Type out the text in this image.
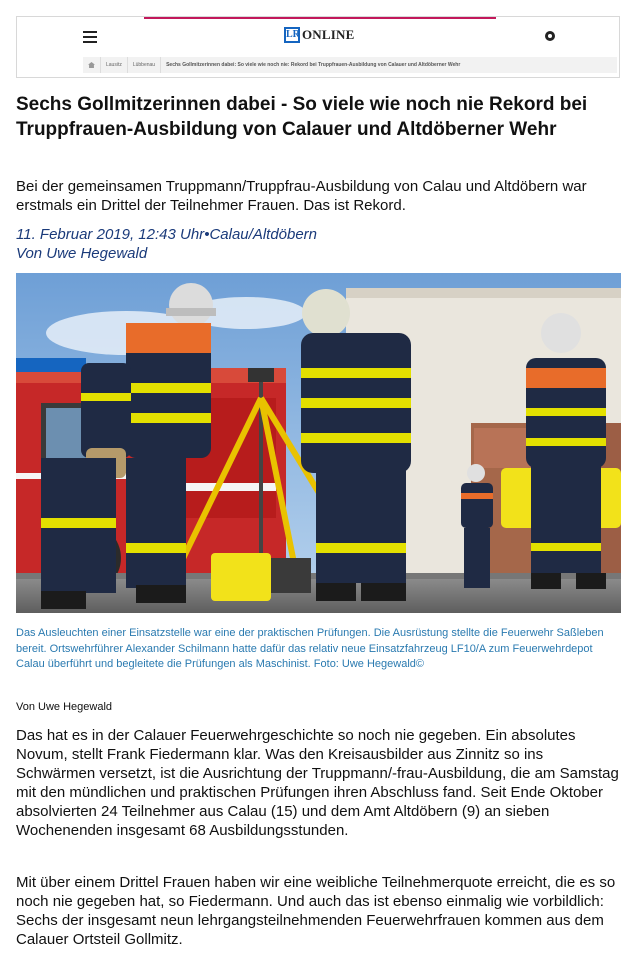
LR ONLINE
Lausitz	Lübbenau	Sechs Gollmitzerinnen dabei: So viele wie noch nie: Rekord bei Truppfrauen-Ausbildung von Calauer und Altdöberner Wehr
Sechs Gollmitzerinnen dabei - So viele wie noch nie Rekord bei Truppfrauen-Ausbildung von Calauer und Altdöberner Wehr

Bei der gemeinsamen Truppmann/Truppfrau-Ausbildung von Calau und Altdöbern war erstmals ein Drittel der Teilnehmer Frauen. Das ist Rekord.

11. Februar 2019, 12:43 Uhr•Calau/Altdöbern
Von Uwe Hegewald

Das Ausleuchten einer Einsatzstelle war eine der praktischen Prüfungen. Die Ausrüstung stellte die Feuerwehr Saßleben bereit. Ortswehrführer Alexander Schilmann hatte dafür das relativ neue Einsatzfahrzeug LF10/A zum Feuerwehrdepot Calau überführt und begleitete die Prüfungen als Maschinist. Foto: Uwe Hegewald©

Von Uwe Hegewald

Das hat es in der Calauer Feuerwehrgeschichte so noch nie gegeben. Ein absolutes Novum, stellt Frank Fiedermann klar. Was den Kreisausbilder aus Zinnitz so ins Schwärmen versetzt, ist die Ausrichtung der Truppmann/-frau-Ausbildung, die am Samstag mit den mündlichen und praktischen Prüfungen ihren Abschluss fand. Seit Ende Oktober absolvierten 24 Teilnehmer aus Calau (15) und dem Amt Altdöbern (9) an sieben Wochenenden insgesamt 68 Ausbildungsstunden.

Mit über einem Drittel Frauen haben wir eine weibliche Teilnehmerquote erreicht, die es so noch nie gegeben hat, so Fiedermann. Und auch das ist ebenso einmalig wie vorbildlich: Sechs der insgesamt neun lehrgangsteilnehmenden Feuerwehrfrauen kommen aus dem Calauer Ortsteil Gollmitz.
